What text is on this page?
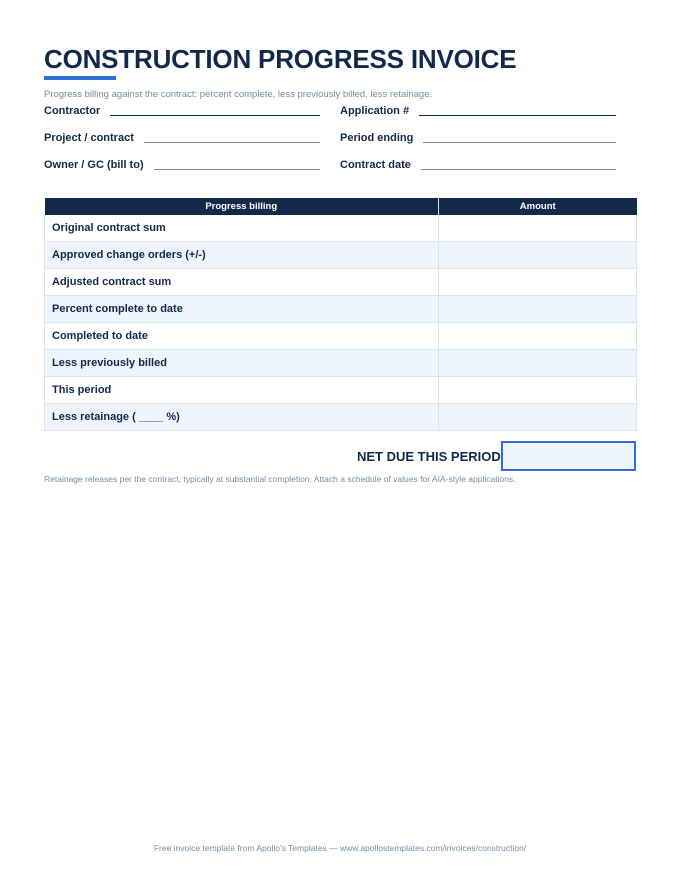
CONSTRUCTION PROGRESS INVOICE
Progress billing against the contract: percent complete, less previously billed, less retainage.
Contractor	Application #
Project / contract	Period ending
Owner / GC (bill to)	Contract date
Progress billing	Amount
Original contract sum	
Approved change orders (+/-)	
Adjusted contract sum	
Percent complete to date	
Completed to date	
Less previously billed	
This period	
Less retainage ( ____ %)	
NET DUE THIS PERIOD
Retainage releases per the contract, typically at substantial completion. Attach a schedule of values for AIA-style applications.
Free invoice template from Apollo's Templates — www.apollostemplates.com/invoices/construction/
